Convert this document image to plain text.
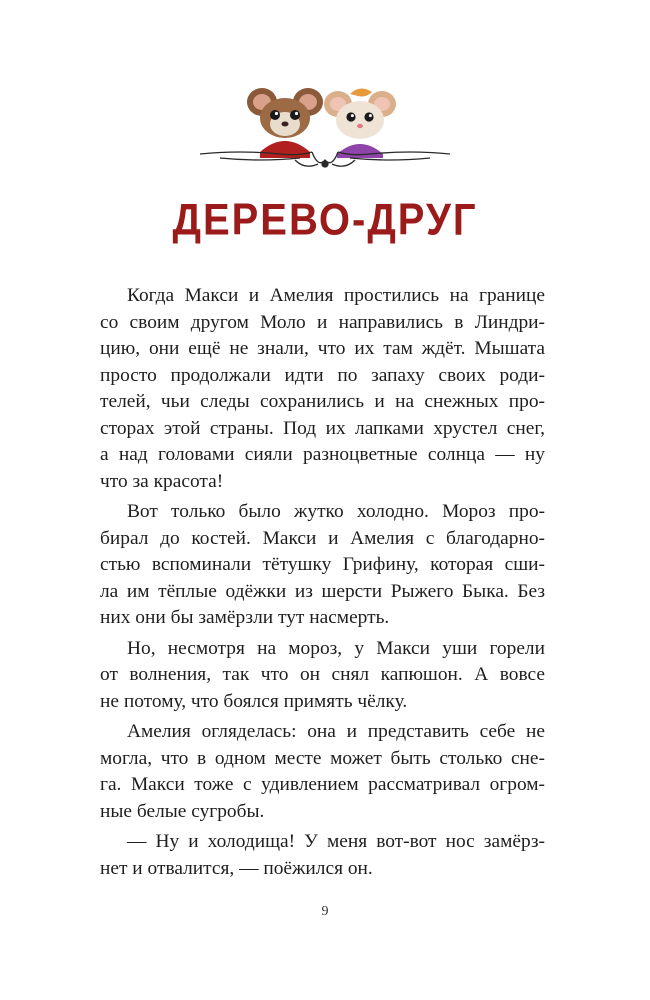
ДЕРЕВО-ДРУГ
Когда Макси и Амелия простились на границе
со своим другом Моло и направились в Линдри-
цию, они ещё не знали, что их там ждёт. Мышата
просто продолжали идти по запаху своих роди-
телей, чьи следы сохранились и на снежных про-
сторах этой страны. Под их лапками хрустел снег,
а над головами сияли разноцветные солнца — ну
что за красота!
Вот только было жутко холодно. Мороз про-
бирал до костей. Макси и Амелия с благодарно-
стью вспоминали тётушку Грифину, которая сши-
ла им тёплые одёжки из шерсти Рыжего Быка. Без
них они бы замёрзли тут насмерть.
Но, несмотря на мороз, у Макси уши горели
от волнения, так что он снял капюшон. А вовсе
не потому, что боялся примять чёлку.
Амелия огляделась: она и представить себе не
могла, что в одном месте может быть столько сне-
га. Макси тоже с удивлением рассматривал огром-
ные белые сугробы.
— Ну и холодища! У меня вот-вот нос замёрз-
нет и отвалится, — поёжился он.
9
